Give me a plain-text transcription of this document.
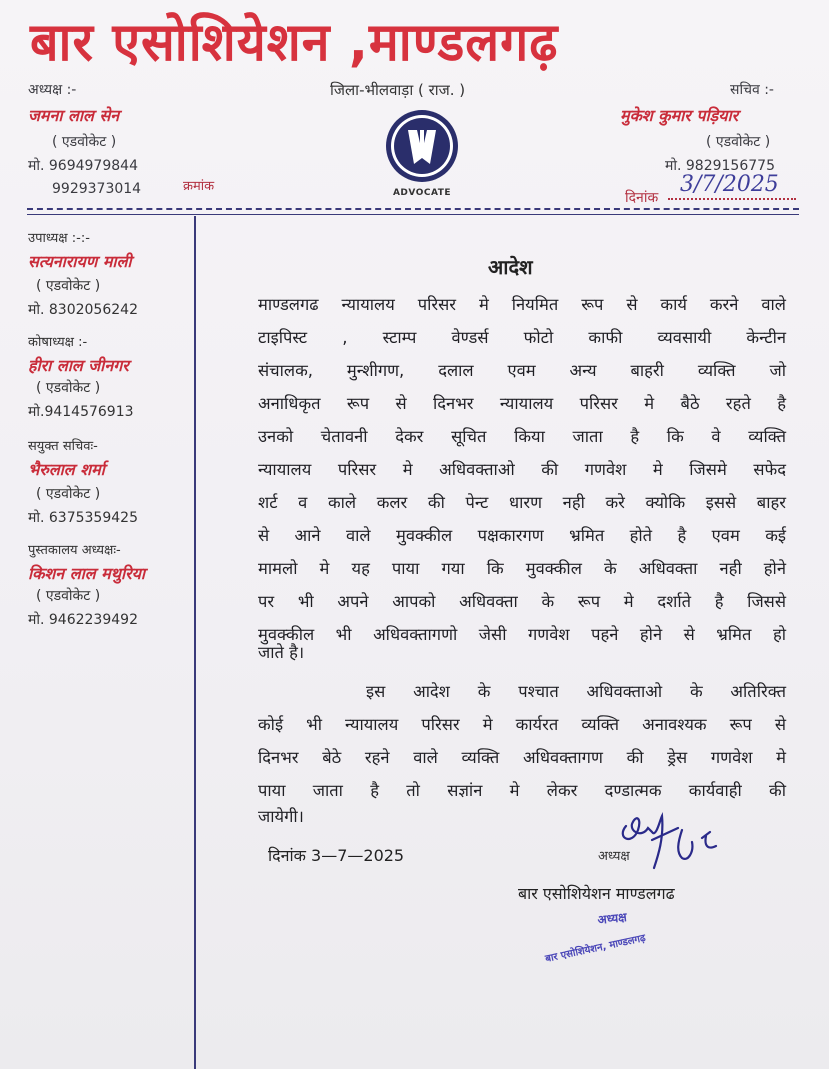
बार एसोशियेशन ,माण्डलगढ़
अध्यक्ष :-
जमना लाल सेन
( एडवोकेट )
मो. 9694979844
9929373014
जिला-भीलवाड़ा ( राज. )
ADVOCATE
सचिव :-
मुकेश कुमार पड़ियार
( एडवोकेट )
मो. 9829156775
क्रमांक
दिनांक
3/7/2025
उपाध्यक्ष :-:-
सत्यनारायण माली
( एडवोकेट )
मो. 8302056242
कोषाध्यक्ष :-
हीरा लाल जीनगर
( एडवोकेट )
मो.9414576913
सयुक्त सचिवः-
भैरुलाल शर्मा
( एडवोकेट )
मो. 6375359425
पुस्तकालय अध्यक्षः-
किशन लाल मथुरिया
( एडवोकेट )
मो. 9462239492
आदेश
माण्डलगढ न्यायालय परिसर मे नियमित रूप से कार्य करने वाले
टाइपिस्ट , स्टाम्प वेण्डर्स फोटो काफी व्यवसायी केन्टीन
संचालक, मुन्शीगण, दलाल एवम अन्य बाहरी व्यक्ति जो
अनाधिकृत रूप से दिनभर न्यायालय परिसर मे बैठे रहते है
उनको चेतावनी देकर सूचित किया जाता है कि वे व्यक्ति
न्यायालय परिसर मे अधिवक्ताओ की गणवेश मे जिसमे सफेद
शर्ट व काले कलर की पेन्ट धारण नही करे क्योकि इससे बाहर
से आने वाले मुवक्कील पक्षकारगण भ्रमित होते है एवम कई
मामलो मे यह पाया गया कि मुवक्कील के अधिवक्ता नही होने
पर भी अपने आपको अधिवक्ता के रूप मे दर्शाते है जिससे
मुवक्कील भी अधिवक्तागणो जेसी गणवेश पहने होने से भ्रमित हो
जाते है।
इस आदेश के पश्चात अधिवक्ताओ के अतिरिक्त
कोई भी न्यायालय परिसर मे कार्यरत व्यक्ति अनावश्यक रूप से
दिनभर बेठे रहने वाले व्यक्ति अधिवक्तागण की ड्रेस गणवेश मे
पाया जाता है तो सज्ञांन मे लेकर दण्डात्मक कार्यवाही की
जायेगी।
दिनांक 3—7—2025	अध्यक्ष
बार एसोशियेशन माण्डलगढ
अध्यक्ष
बार एसोशियेशन, माण्डलगढ़
